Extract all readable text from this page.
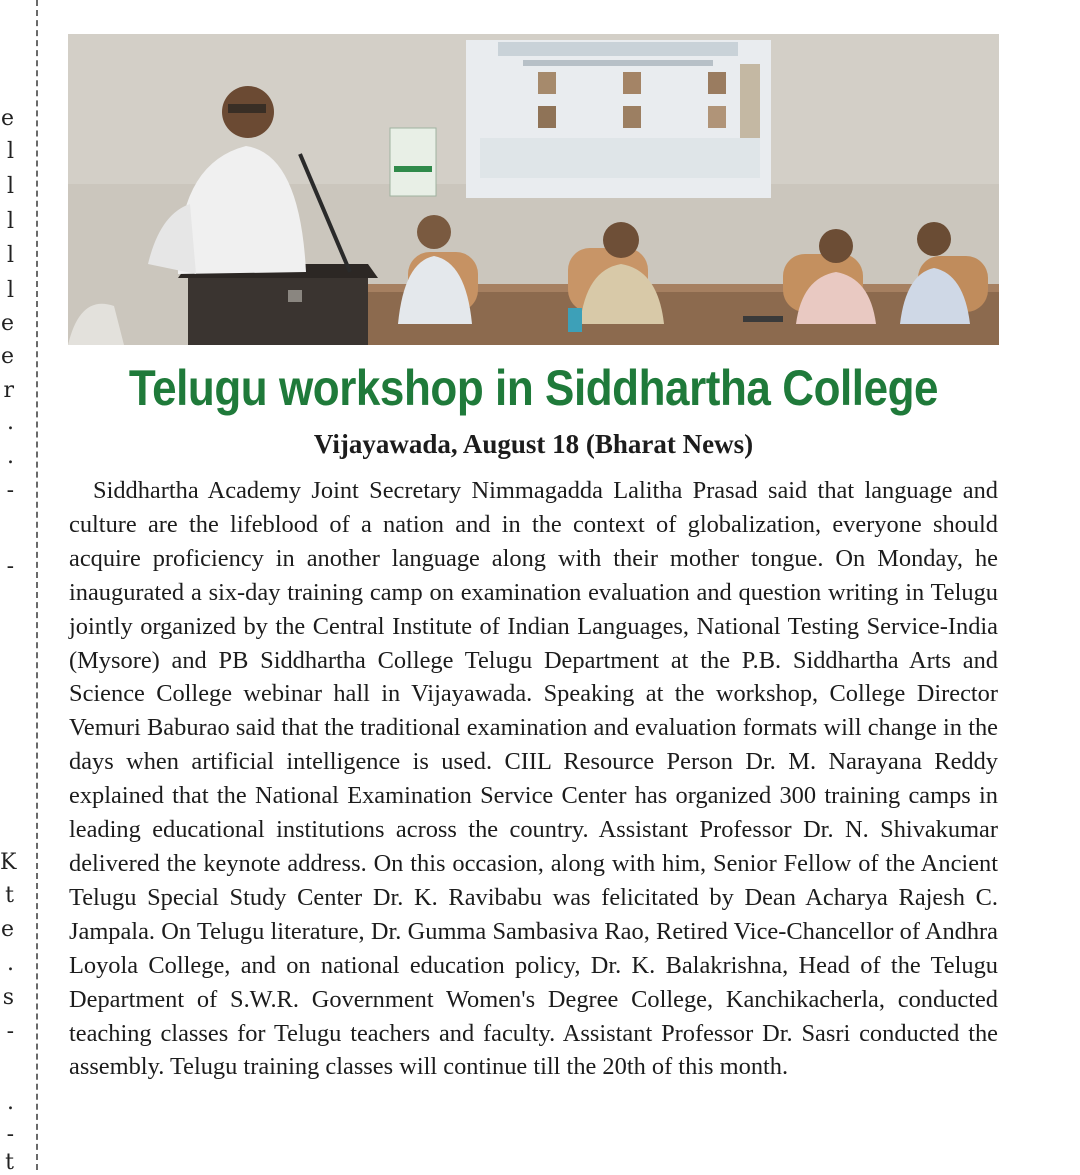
e
l
l
l
l
l
e
e
r
.
.
-
-
K
t
e
.
s
-
.
-
t
Telugu workshop in Siddhartha College
Vijayawada, August 18 (Bharat News)

Siddhartha Academy Joint Secretary Nimmagadda Lalitha Prasad said that language and culture are the lifeblood of a nation and in the context of globalization, everyone should acquire proficiency in another language along with their mother tongue. On Monday, he inaugurated a six-day training camp on examination evaluation and question writing in Telugu jointly organized by the Central Institute of Indian Languages, National Testing Service-India (Mysore) and PB Siddhartha College Telugu Department at the P.B. Siddhartha Arts and Science College webinar hall in Vijayawada. Speaking at the workshop, College Director Vemuri Baburao said that the traditional examination and evaluation formats will change in the days when artificial intelligence is used. CIIL Resource Person Dr. M. Narayana Reddy explained that the National Examination Service Center has organized 300 training camps in leading educational institutions across the country. Assistant Professor Dr. N. Shivakumar delivered the keynote address. On this occasion, along with him, Senior Fellow of the Ancient Telugu Special Study Center Dr. K. Ravibabu was felicitated by Dean Acharya Rajesh C. Jampala. On Telugu literature, Dr. Gumma Sambasiva Rao, Retired Vice-Chancellor of Andhra Loyola College, and on national education policy, Dr. K. Balakrishna, Head of the Telugu Department of S.W.R. Government Women's Degree College, Kanchikacherla, conducted teaching classes for Telugu teachers and faculty. Assistant Professor Dr. Sasri conducted the assembly. Telugu training classes will continue till the 20th of this month.
